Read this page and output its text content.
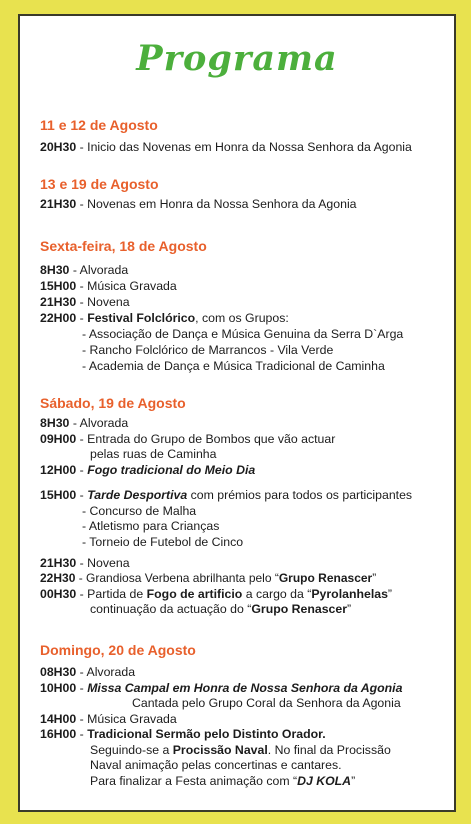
Programa
11 e 12 de Agosto
20H30 - Inicio das Novenas em Honra da Nossa Senhora da Agonia
13 e 19 de Agosto
21H30 - Novenas em Honra da Nossa Senhora da Agonia
Sexta-feira, 18 de Agosto
8H30 - Alvorada
15H00 - Música Gravada
21H30 - Novena
22H00 - Festival Folclórico, com os Grupos:
- Associação de Dança e Música Genuina da Serra D`Arga
- Rancho Folclórico de Marrancos - Vila Verde
- Academia de Dança e Música Tradicional de Caminha
Sábado, 19 de Agosto
8H30 - Alvorada
09H00 - Entrada do Grupo de Bombos que vão actuar
pelas ruas de Caminha
12H00 - Fogo tradicional do Meio Dia
15H00 - Tarde Desportiva com prémios para todos os participantes
- Concurso de Malha
- Atletismo para Crianças
- Torneio de Futebol de Cinco
21H30 - Novena
22H30 - Grandiosa Verbena abrilhanta pelo “Grupo Renascer”
00H30 - Partida de Fogo de artificio a cargo da “Pyrolanhelas”
continuação da actuação do “Grupo Renascer”
Domingo, 20 de Agosto
08H30 - Alvorada
10H00 - Missa Campal em Honra de Nossa Senhora da Agonia
Cantada pelo Grupo Coral da Senhora da Agonia
14H00 - Música Gravada
16H00 - Tradicional Sermão pelo Distinto Orador.
Seguindo-se a Procissão Naval. No final da Procissão
Naval animação pelas concertinas e cantares.
Para finalizar a Festa animação com “DJ KOLA”
